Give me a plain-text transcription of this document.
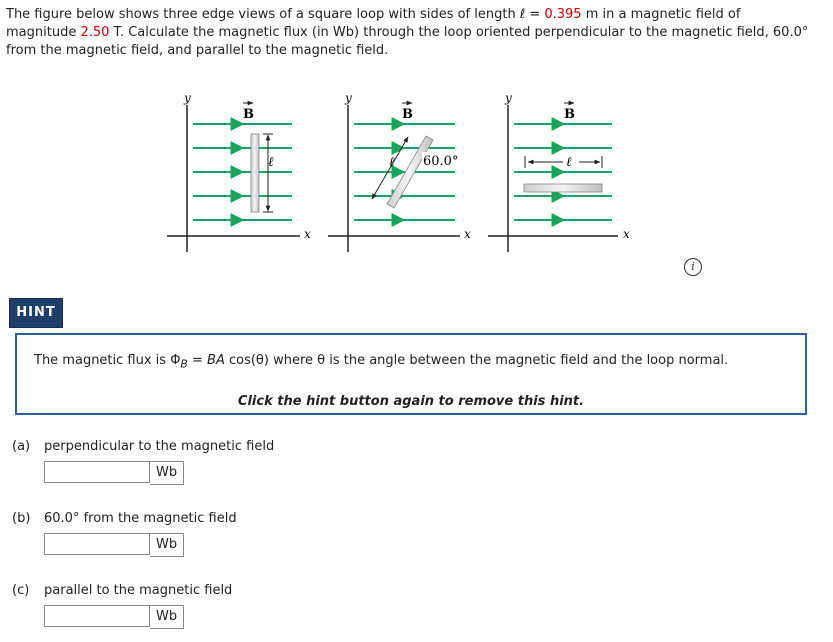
The figure below shows three edge views of a square loop with sides of length ℓ = 0.395 m in a magnetic field of
magnitude 2.50 T. Calculate the magnetic flux (in Wb) through the loop oriented perpendicular to the magnetic field, 60.0°
from the magnetic field, and parallel to the magnetic field.
y
x
B
ℓ
y
x
B
ℓ 60.0°
y
x
B
ℓ
i
HINT
The magnetic flux is $\Phi_B$ = BA cos(θ) where θ is the angle between the magnetic field and the loop normal.
Click the hint button again to remove this hint.
(a) perpendicular to the magnetic field
Wb
(b) 60.0° from the magnetic field
Wb
(c) parallel to the magnetic field
Wb
